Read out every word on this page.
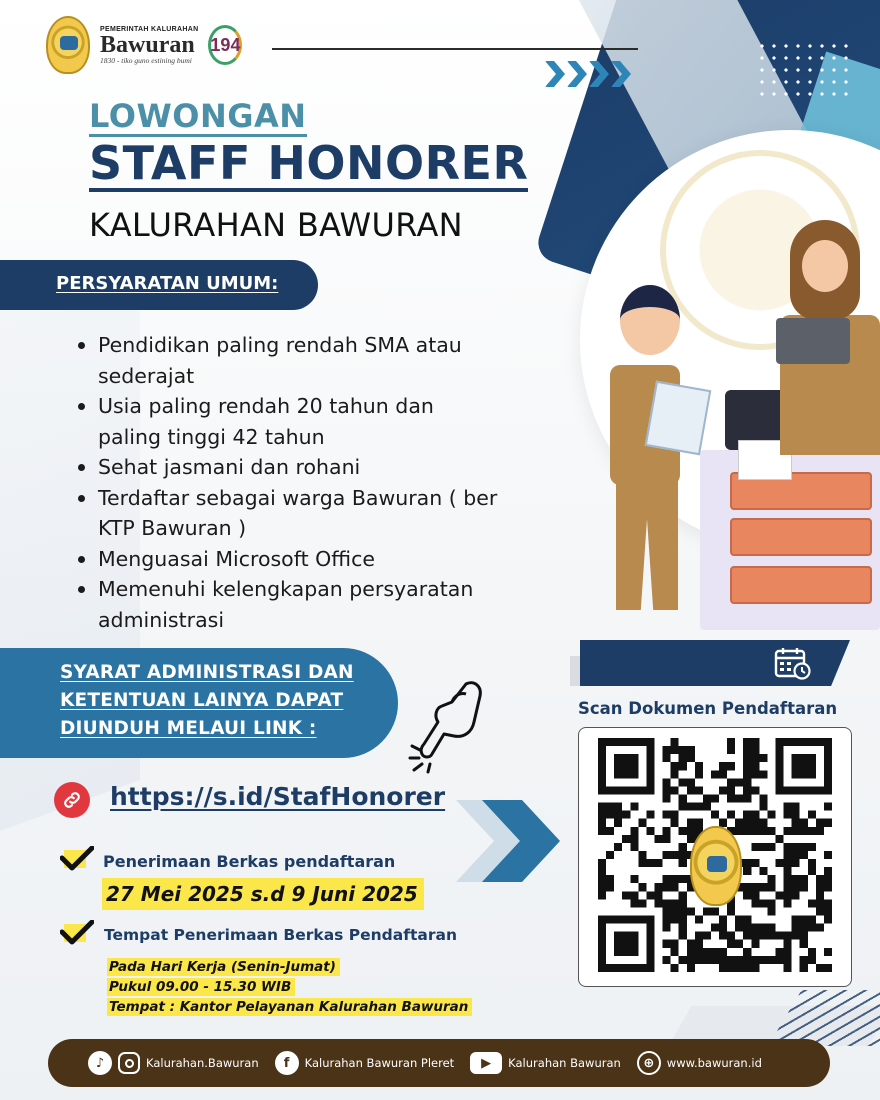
PEMERINTAH KALURAHAN
Bawuran
1830 - tiko guno estining bumi
194
LOWONGAN
STAFF HONORER
KALURAHAN BAWURAN
PERSYARATAN UMUM:
Pendidikan paling rendah SMA atau sederajat
Usia paling rendah 20 tahun dan paling tinggi 42 tahun
Sehat jasmani dan rohani
Terdaftar sebagai warga Bawuran ( ber KTP Bawuran )
Menguasai Microsoft Office
Memenuhi kelengkapan persyaratan administrasi
SYARAT ADMINISTRASI DAN
KETENTUAN LAINYA DAPAT
DIUNDUH MELAUI LINK :
https://s.id/StafHonorer
Penerimaan Berkas pendaftaran
27 Mei 2025 s.d 9 Juni 2025
Tempat Penerimaan Berkas Pendaftaran
Pada Hari Kerja (Senin-Jumat)
Pukul 09.00 - 15.30 WIB
Tempat : Kantor Pelayanan Kalurahan Bawuran
Scan Dokumen Pendaftaran
♪	Kalurahan.Bawuran	f	Kalurahan Bawuran Pleret	▶	Kalurahan Bawuran	⊕	www.bawuran.id
